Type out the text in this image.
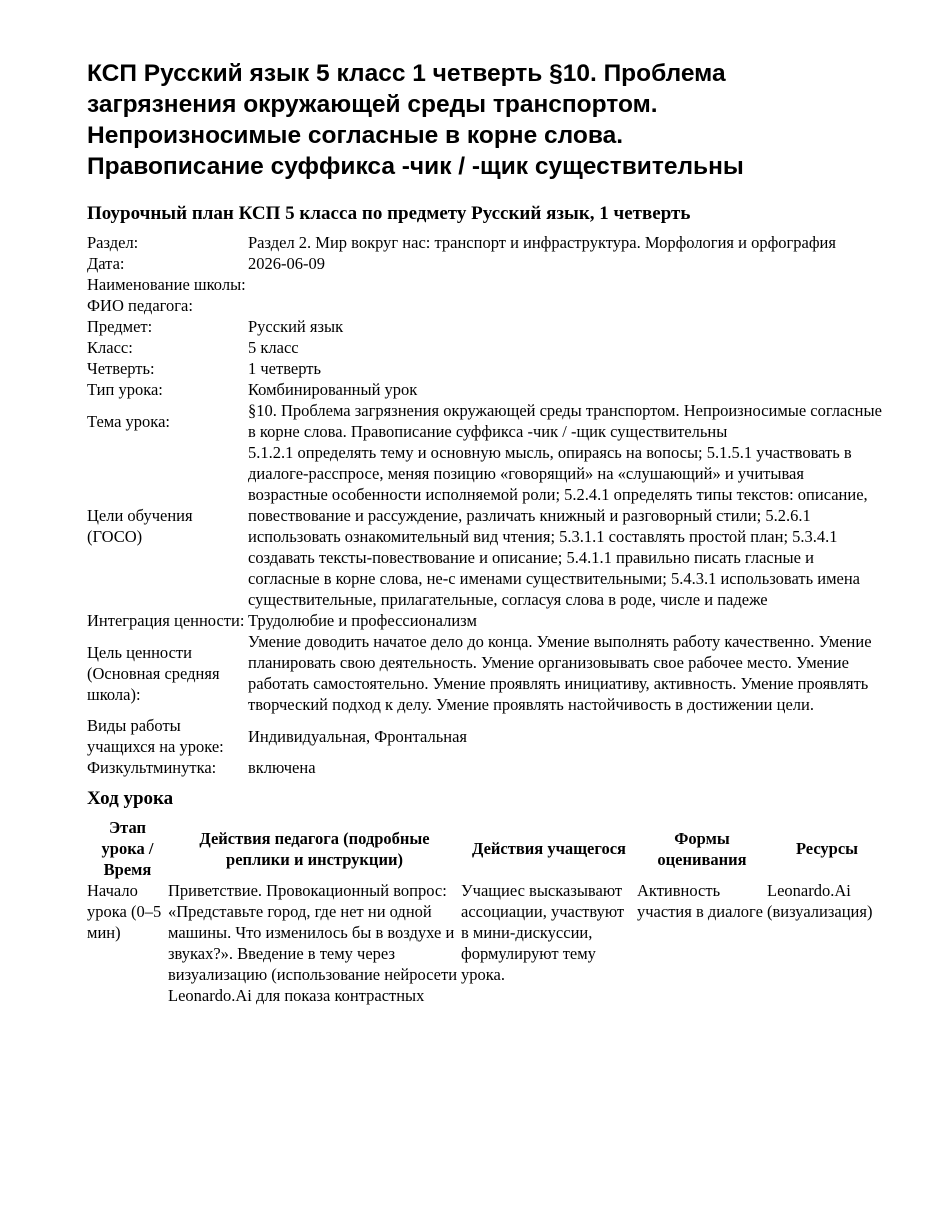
КСП Русский язык 5 класс 1 четверть §10. Проблема
загрязнения окружающей среды транспортом.
Непроизносимые согласные в корне слова.
Правописание суффикса -чик / -щик существительны
Поурочный план КСП 5 класса по предмету Русский язык, 1 четверть
Раздел:	Раздел 2. Мир вокруг нас: транспорт и инфраструктура. Морфология и орфография
Дата:	2026-06-09
Наименование школы:	
ФИО педагога:	
Предмет:	Русский язык
Класс:	5 класс
Четверть:	1 четверть
Тип урока:	Комбинированный урок
Тема урока:	§10. Проблема загрязнения окружающей среды транспортом. Непроизносимые согласные в корне слова. Правописание суффикса -чик / -щик существительны
Цели обучения (ГОСО)	5.1.2.1 определять тему и основную мысль, опираясь на вопосы; 5.1.5.1 участвовать в диалоге-расспросе, меняя позицию «говорящий» на «слушающий» и учитывая возрастные особенности исполняемой роли; 5.2.4.1 определять типы текстов: описание, повествование и рассуждение, различать книжный и разговорный стили; 5.2.6.1 использовать ознакомительный вид чтения; 5.3.1.1 составлять простой план; 5.3.4.1 создавать тексты-повествование и описание; 5.4.1.1 правильно писать гласные и согласные в корне слова, не-с именами существительными; 5.4.3.1 использовать имена существительные, прилагательные, согласуя слова в роде, числе и падеже
Интеграция ценности:	Трудолюбие и профессионализм
Цель ценности (Основная средняя школа):	Умение доводить начатое дело до конца. Умение выполнять работу качественно. Умение планировать свою деятельность. Умение организовывать свое рабочее место. Умение работать самостоятельно. Умение проявлять инициативу, активность. Умение проявлять творческий подход к делу. Умение проявлять настойчивость в достижении цели.
Виды работы учащихся на уроке:	Индивидуальная, Фронтальная
Физкультминутка:	включена
Ход урока
Этап урока / Время	Действия педагога (подробные реплики и инструкции)	Действия учащегося	Формы оценивания	Ресурсы
Начало урока (0–5 мин)	Приветствие. Провокационный вопрос: «Представьте город, где нет ни одной машины. Что изменилось бы в воздухе и звуках?». Введение в тему через визуализацию (использование нейросети Leonardo.Ai для показа контрастных	Учащиес высказывают ассоциации, участвуют в мини-дискуссии, формулируют тему урока.	Активность участия в диалоге	Leonardo.Ai (визуализация)
